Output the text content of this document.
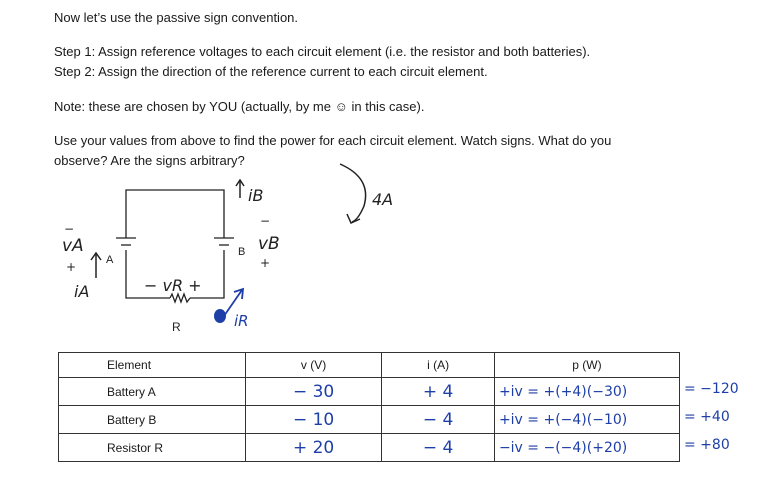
Now let’s use the passive sign convention.
Step 1: Assign reference voltages to each circuit element (i.e. the resistor and both batteries).
Step 2: Assign the direction of the reference current to each circuit element.
Note: these are chosen by YOU (actually, by me ☺ in this case).
Use your values from above to find the power for each circuit element. Watch signs. What do you
observe? Are the signs arbitrary?
A
B
R
−
vA
+
iA
iB
−
vB
+
− vR +
iR
4A
Element	v (V)	i (A)	p (W)
Battery A	− 30	+ 4	+iv = +(+4)(−30)
Battery B	− 10	− 4	+iv = +(−4)(−10)
Resistor R	+ 20	− 4	−iv = −(−4)(+20)
= −120
= +40
= +80
